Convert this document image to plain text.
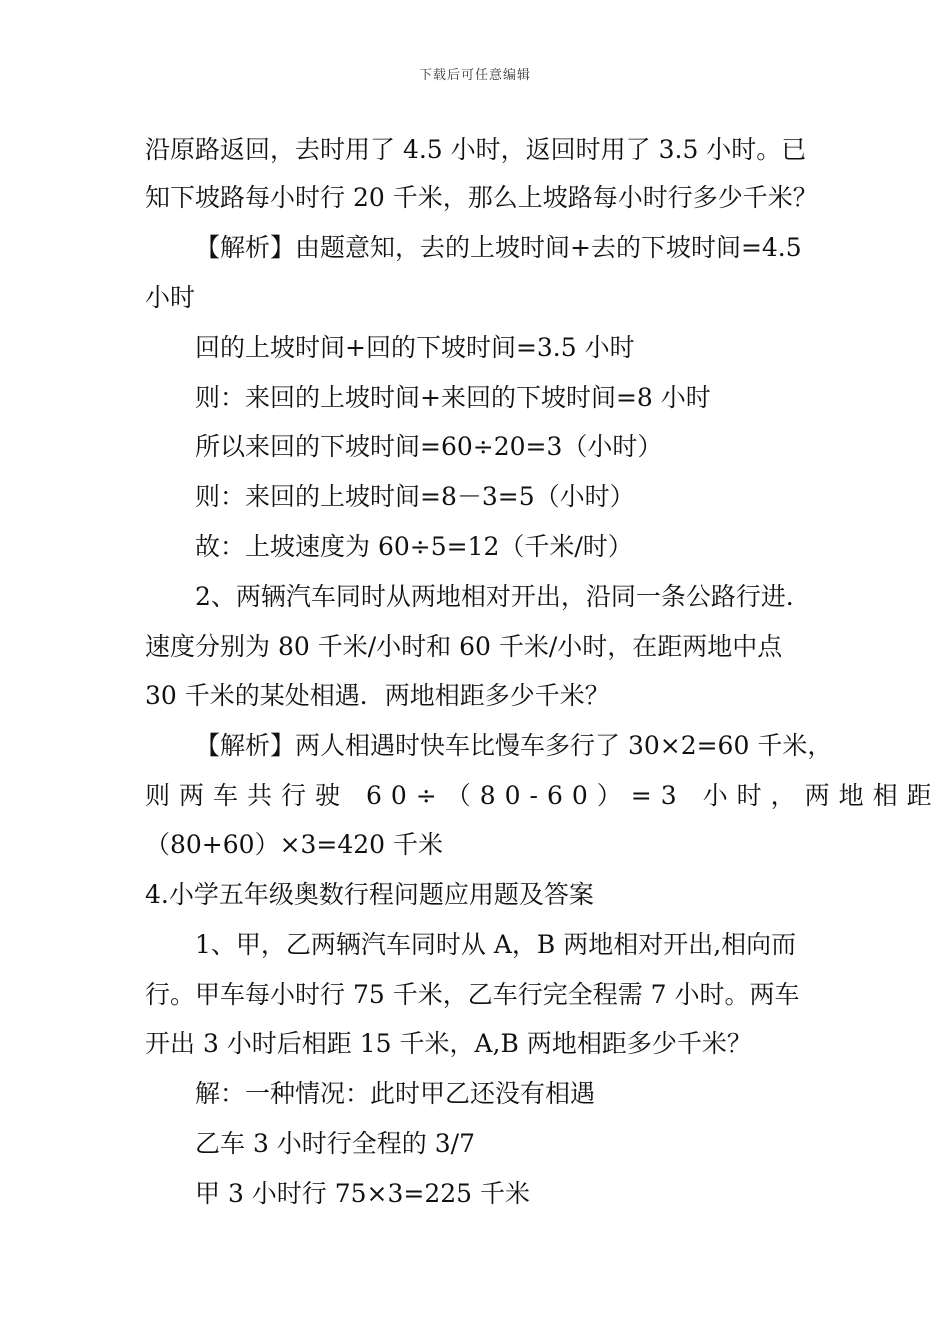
下载后可任意编辑
沿原路返回，去时用了 4.5 小时，返回时用了 3.5 小时。已
知下坡路每小时行 20 千米，那么上坡路每小时行多少千米？
【解析】由题意知，去的上坡时间+去的下坡时间=4.5
小时
回的上坡时间+回的下坡时间=3.5 小时
则：来回的上坡时间+来回的下坡时间=8 小时
所以来回的下坡时间=60÷20=3（小时）
则：来回的上坡时间=8－3=5（小时）
故：上坡速度为 60÷5=12（千米/时）
2、两辆汽车同时从两地相对开出，沿同一条公路行进．
速度分别为 80 千米/小时和 60 千米/小时，在距两地中点
30 千米的某处相遇．两地相距多少千米？
【解析】两人相遇时快车比慢车多行了 30×2=60 千米，
则两车共行驶 60÷（80-60）=3 小时，两地相距
（80+60）×3=420 千米
4.小学五年级奥数行程问题应用题及答案
1、甲，乙两辆汽车同时从 A，B 两地相对开出,相向而
行。甲车每小时行 75 千米，乙车行完全程需 7 小时。两车
开出 3 小时后相距 15 千米，A,B 两地相距多少千米？
解：一种情况：此时甲乙还没有相遇
乙车 3 小时行全程的 3/7
甲 3 小时行 75×3=225 千米
